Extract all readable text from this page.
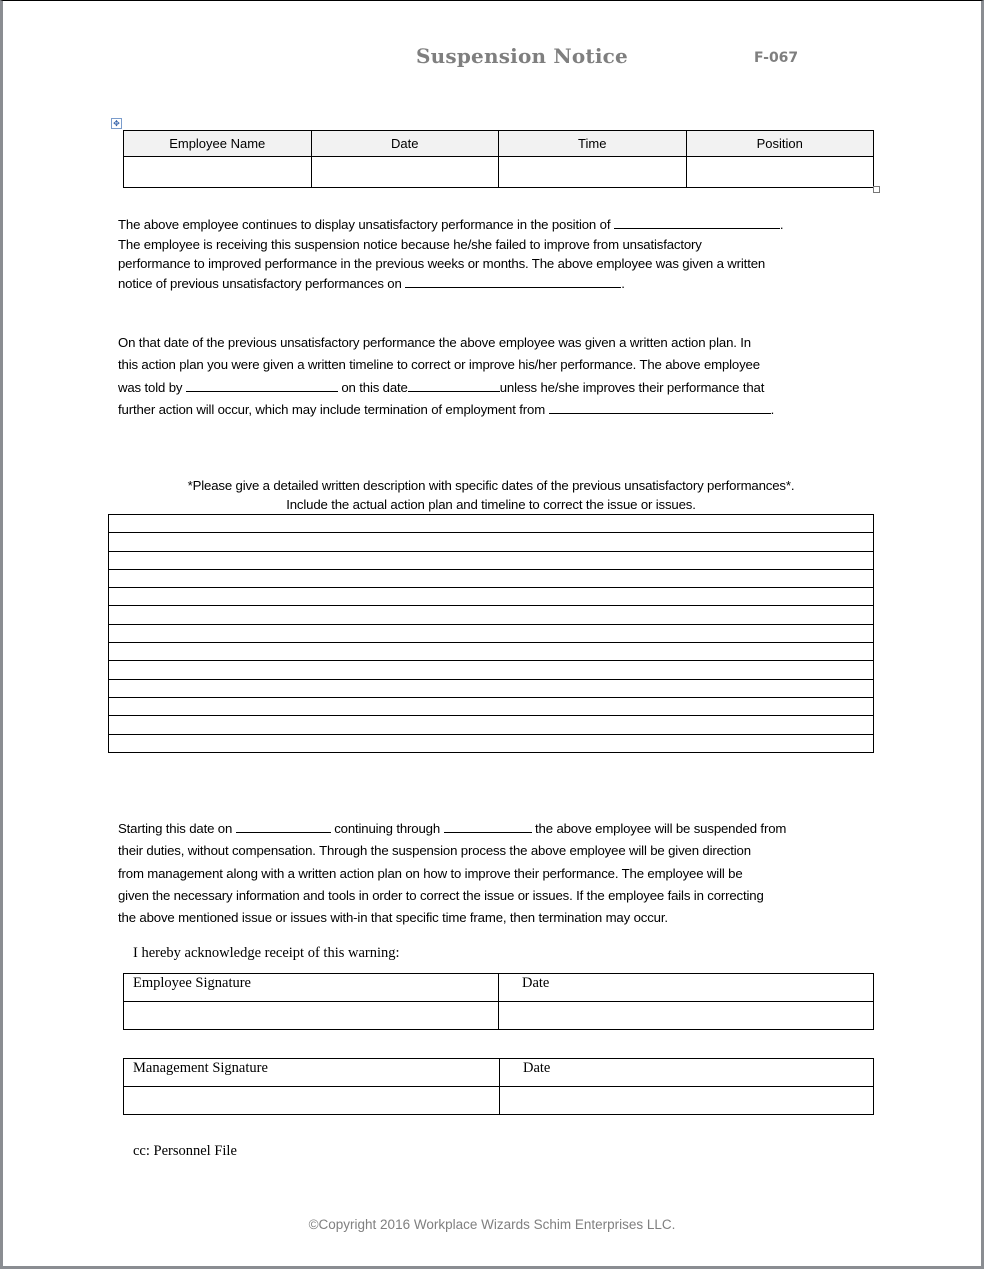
Suspension Notice	F-067
✥
Employee Name	Date	Time	Position

The above employee continues to display unsatisfactory performance in the position of	.

The employee is receiving this suspension notice because he/she failed to improve from unsatisfactory

performance to improved performance in the previous weeks or months. The above employee was given a written

notice of previous unsatisfactory performances on	.

On that date of the previous unsatisfactory performance the above employee was given a written action plan. In

this action plan you were given a written timeline to correct or improve his/her performance. The above employee

was told by	on this date	unless he/she improves their performance that

further action will occur, which may include termination of employment from	.

*Please give a detailed written description with specific dates of the previous unsatisfactory performances*.
Include the actual action plan and timeline to correct the issue or issues.

Starting this date on	continuing through	the above employee will be suspended from

their duties, without compensation. Through the suspension process the above employee will be given direction

from management along with a written action plan on how to improve their performance. The employee will be

given the necessary information and tools in order to correct the issue or issues. If the employee fails in correcting

the above mentioned issue or issues with-in that specific time frame, then termination may occur.

I hereby acknowledge receipt of this warning:
Employee Signature	Date

Management Signature	Date

cc: Personnel File
©Copyright 2016 Workplace Wizards Schim Enterprises LLC.
